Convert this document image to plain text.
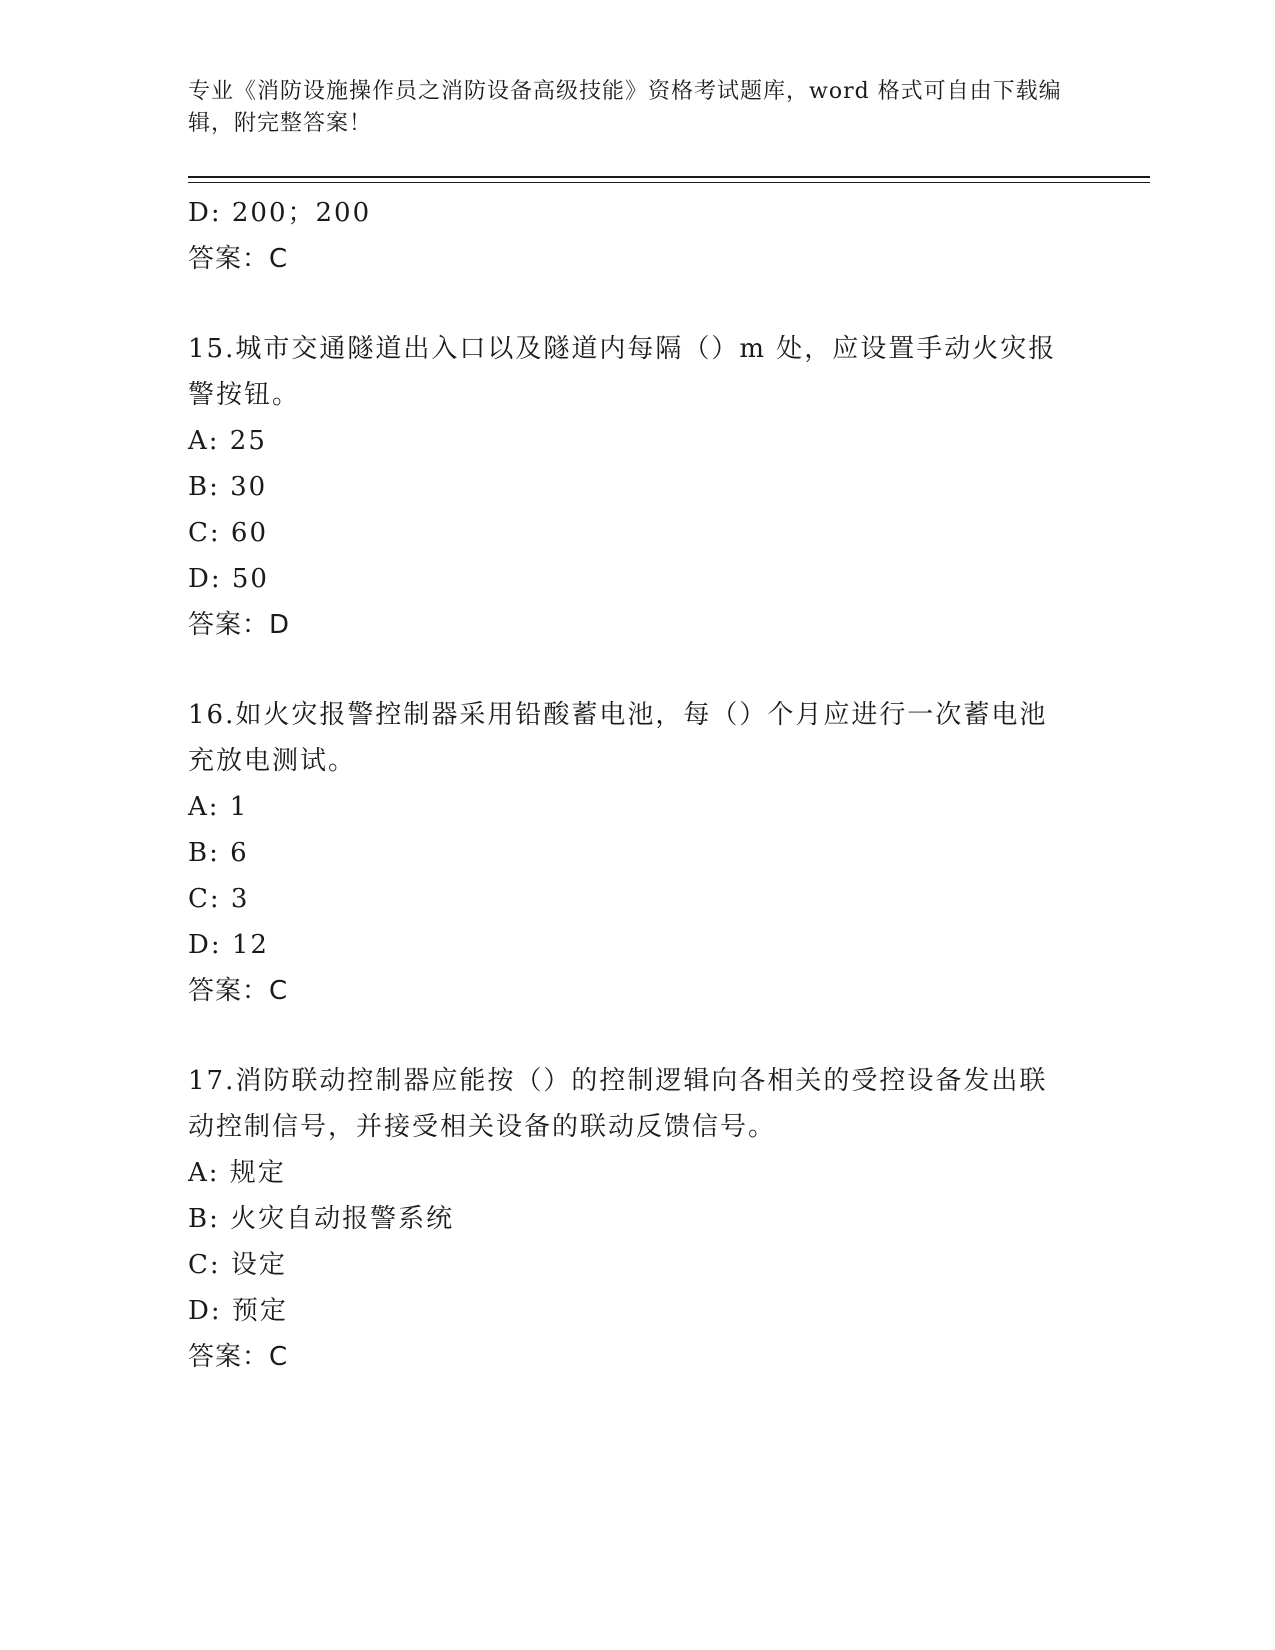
专业《消防设施操作员之消防设备高级技能》资格考试题库，word 格式可自由下载编辑，附完整答案！
D: 200；200
答案：C
15.城市交通隧道出入口以及隧道内每隔（）m 处，应设置手动火灾报警按钮。
A: 25
B: 30
C: 60
D: 50
答案：D
16.如火灾报警控制器采用铅酸蓄电池，每（）个月应进行一次蓄电池充放电测试。
A: 1
B: 6
C: 3
D: 12
答案：C
17.消防联动控制器应能按（）的控制逻辑向各相关的受控设备发出联动控制信号，并接受相关设备的联动反馈信号。
A: 规定
B: 火灾自动报警系统
C: 设定
D: 预定
答案：C
